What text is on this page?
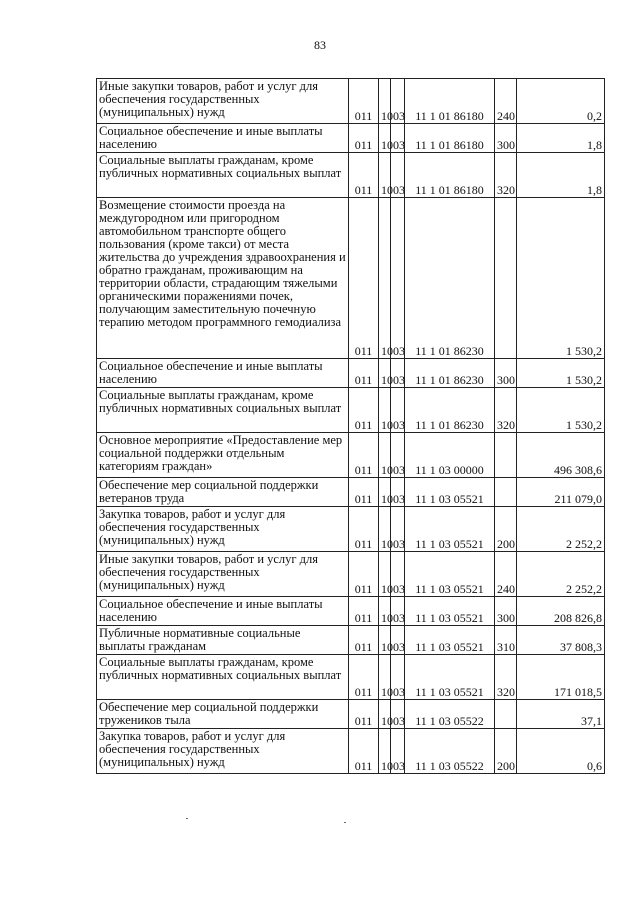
83
Иные закупки товаров, работ и услуг для обеспечения государственных (муниципальных) нужд	011	10	03	11 1 01 86180	240	0,2
Социальное обеспечение и иные выплаты населению	011	10	03	11 1 01 86180	300	1,8
Социальные выплаты гражданам, кроме публичных нормативных социальных выплат	011	10	03	11 1 01 86180	320	1,8
Возмещение стоимости проезда на междугородном или пригородном автомобильном транспорте общего пользования (кроме такси) от места жительства до учреждения здравоохранения и обратно гражданам, проживающим на территории области, страдающим тяжелыми органическими поражениями почек, получающим заместительную почечную терапию методом программного гемодиализа	011	10	03	11 1 01 86230		1 530,2
Социальное обеспечение и иные выплаты населению	011	10	03	11 1 01 86230	300	1 530,2
Социальные выплаты гражданам, кроме публичных нормативных социальных выплат	011	10	03	11 1 01 86230	320	1 530,2
Основное мероприятие «Предоставление мер социальной поддержки отдельным категориям граждан»	011	10	03	11 1 03 00000		496 308,6
Обеспечение мер социальной поддержки ветеранов труда	011	10	03	11 1 03 05521		211 079,0
Закупка товаров, работ и услуг для обеспечения государственных (муниципальных) нужд	011	10	03	11 1 03 05521	200	2 252,2
Иные закупки товаров, работ и услуг для обеспечения государственных (муниципальных) нужд	011	10	03	11 1 03 05521	240	2 252,2
Социальное обеспечение и иные выплаты населению	011	10	03	11 1 03 05521	300	208 826,8
Публичные нормативные социальные выплаты гражданам	011	10	03	11 1 03 05521	310	37 808,3
Социальные выплаты гражданам, кроме публичных нормативных социальных выплат	011	10	03	11 1 03 05521	320	171 018,5
Обеспечение мер социальной поддержки тружеников тыла	011	10	03	11 1 03 05522		37,1
Закупка товаров, работ и услуг для обеспечения государственных (муниципальных) нужд	011	10	03	11 1 03 05522	200	0,6
